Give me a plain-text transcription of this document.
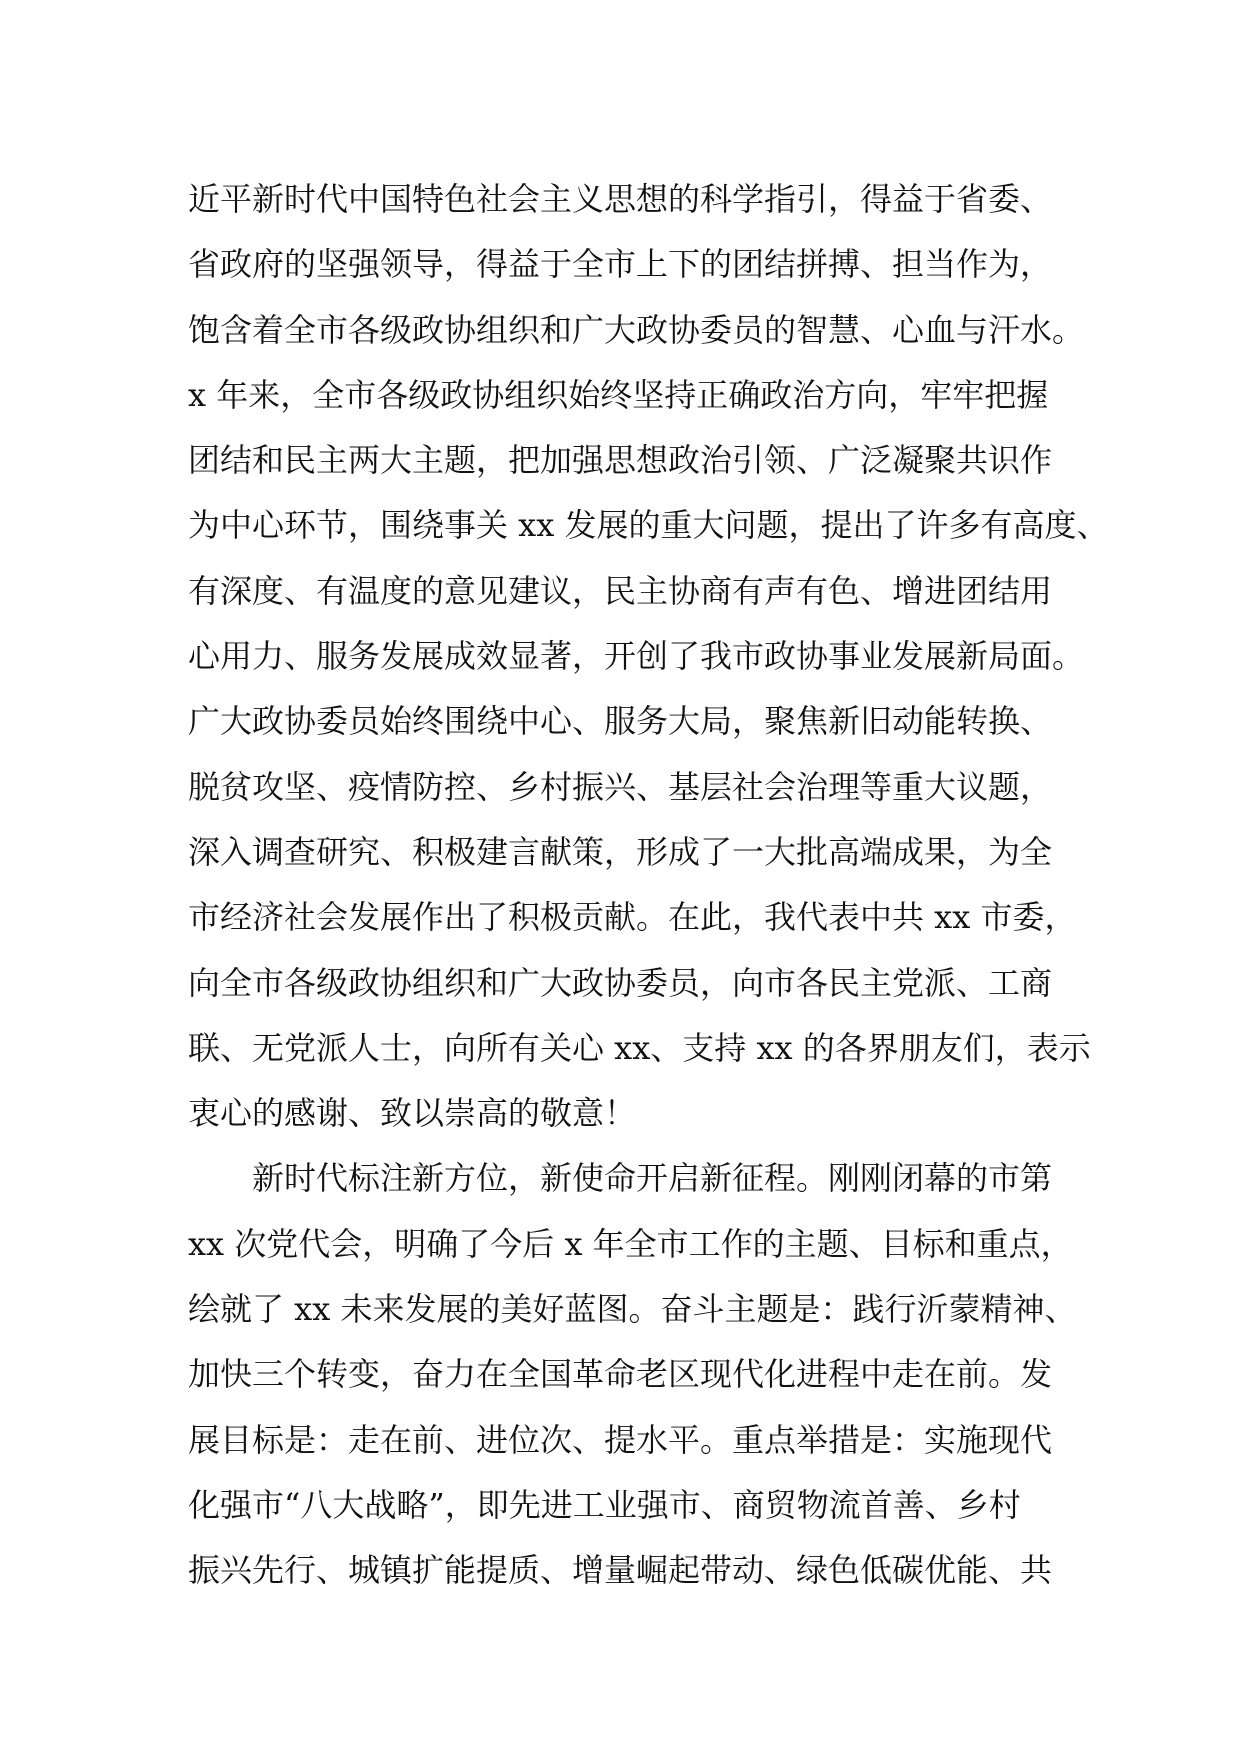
近平新时代中国特色社会主义思想的科学指引，得益于省委、
省政府的坚强领导，得益于全市上下的团结拼搏、担当作为，
饱含着全市各级政协组织和广大政协委员的智慧、心血与汗水。
x 年来，全市各级政协组织始终坚持正确政治方向，牢牢把握
团结和民主两大主题，把加强思想政治引领、广泛凝聚共识作
为中心环节，围绕事关 xx 发展的重大问题，提出了许多有高度、
有深度、有温度的意见建议，民主协商有声有色、增进团结用
心用力、服务发展成效显著，开创了我市政协事业发展新局面。
广大政协委员始终围绕中心、服务大局，聚焦新旧动能转换、
脱贫攻坚、疫情防控、乡村振兴、基层社会治理等重大议题，
深入调查研究、积极建言献策，形成了一大批高端成果，为全
市经济社会发展作出了积极贡献。在此，我代表中共 xx 市委，
向全市各级政协组织和广大政协委员，向市各民主党派、工商
联、无党派人士，向所有关心 xx、支持 xx 的各界朋友们，表示
衷心的感谢、致以崇高的敬意！
新时代标注新方位，新使命开启新征程。刚刚闭幕的市第
xx 次党代会，明确了今后 x 年全市工作的主题、目标和重点，
绘就了 xx 未来发展的美好蓝图。奋斗主题是：践行沂蒙精神、
加快三个转变，奋力在全国革命老区现代化进程中走在前。发
展目标是：走在前、进位次、提水平。重点举措是：实施现代
化强市“八大战略”，即先进工业强市、商贸物流首善、乡村
振兴先行、城镇扩能提质、增量崛起带动、绿色低碳优能、共
